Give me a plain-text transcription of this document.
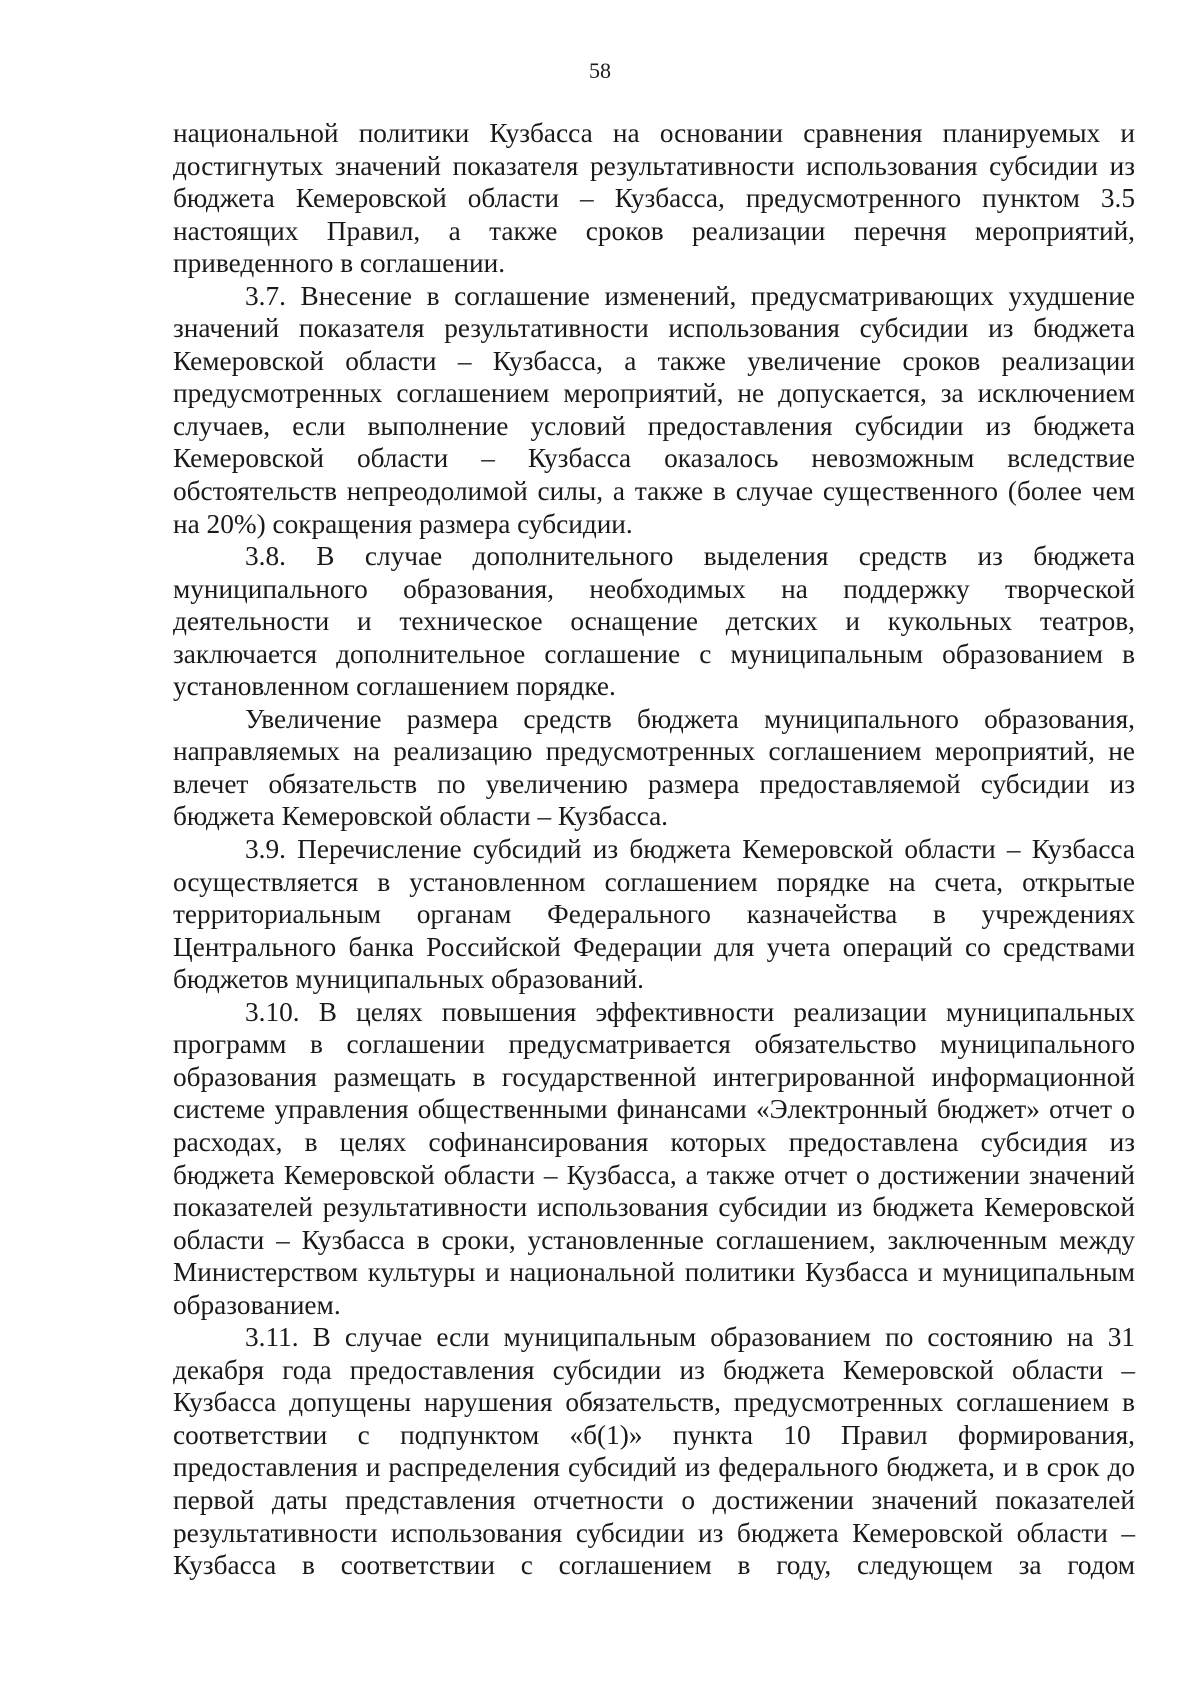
58

национальной политики Кузбасса на основании сравнения планируемых и достигнутых значений показателя результативности использования субсидии из бюджета Кемеровской области – Кузбасса, предусмотренного пунктом 3.5 настоящих Правил, а также сроков реализации перечня мероприятий, приведенного в соглашении.

3.7. Внесение в соглашение изменений, предусматривающих ухудшение значений показателя результативности использования субсидии из бюджета Кемеровской области – Кузбасса, а также увеличение сроков реализации предусмотренных соглашением мероприятий, не допускается, за исключением случаев, если выполнение условий предоставления субсидии из бюджета Кемеровской области – Кузбасса оказалось невозможным вследствие обстоятельств непреодолимой силы, а также в случае существенного (более чем на 20%) сокращения размера субсидии.

3.8. В случае дополнительного выделения средств из бюджета муниципального образования, необходимых на поддержку творческой деятельности и техническое оснащение детских и кукольных театров, заключается дополнительное соглашение с муниципальным образованием в установленном соглашением порядке.

Увеличение размера средств бюджета муниципального образования, направляемых на реализацию предусмотренных соглашением мероприятий, не влечет обязательств по увеличению размера предоставляемой субсидии из бюджета Кемеровской области – Кузбасса.

3.9. Перечисление субсидий из бюджета Кемеровской области – Кузбасса осуществляется в установленном соглашением порядке на счета, открытые территориальным органам Федерального казначейства в учреждениях Центрального банка Российской Федерации для учета операций со средствами бюджетов муниципальных образований.

3.10. В целях повышения эффективности реализации муниципальных программ в соглашении предусматривается обязательство муниципального образования размещать в государственной интегрированной информационной системе управления общественными финансами «Электронный бюджет» отчет о расходах, в целях софинансирования которых предоставлена субсидия из бюджета Кемеровской области – Кузбасса, а также отчет о достижении значений показателей результативности использования субсидии из бюджета Кемеровской области – Кузбасса в сроки, установленные соглашением, заключенным между Министерством культуры и национальной политики Кузбасса и муниципальным образованием.

3.11. В случае если муниципальным образованием по состоянию на 31 декабря года предоставления субсидии из бюджета Кемеровской области – Кузбасса допущены нарушения обязательств, предусмотренных соглашением в соответствии с подпунктом «б(1)» пункта 10 Правил формирования, предоставления и распределения субсидий из федерального бюджета, и в срок до первой даты представления отчетности о достижении значений показателей результативности использования субсидии из бюджета Кемеровской области – Кузбасса в соответствии с соглашением в году, следующем за годом
